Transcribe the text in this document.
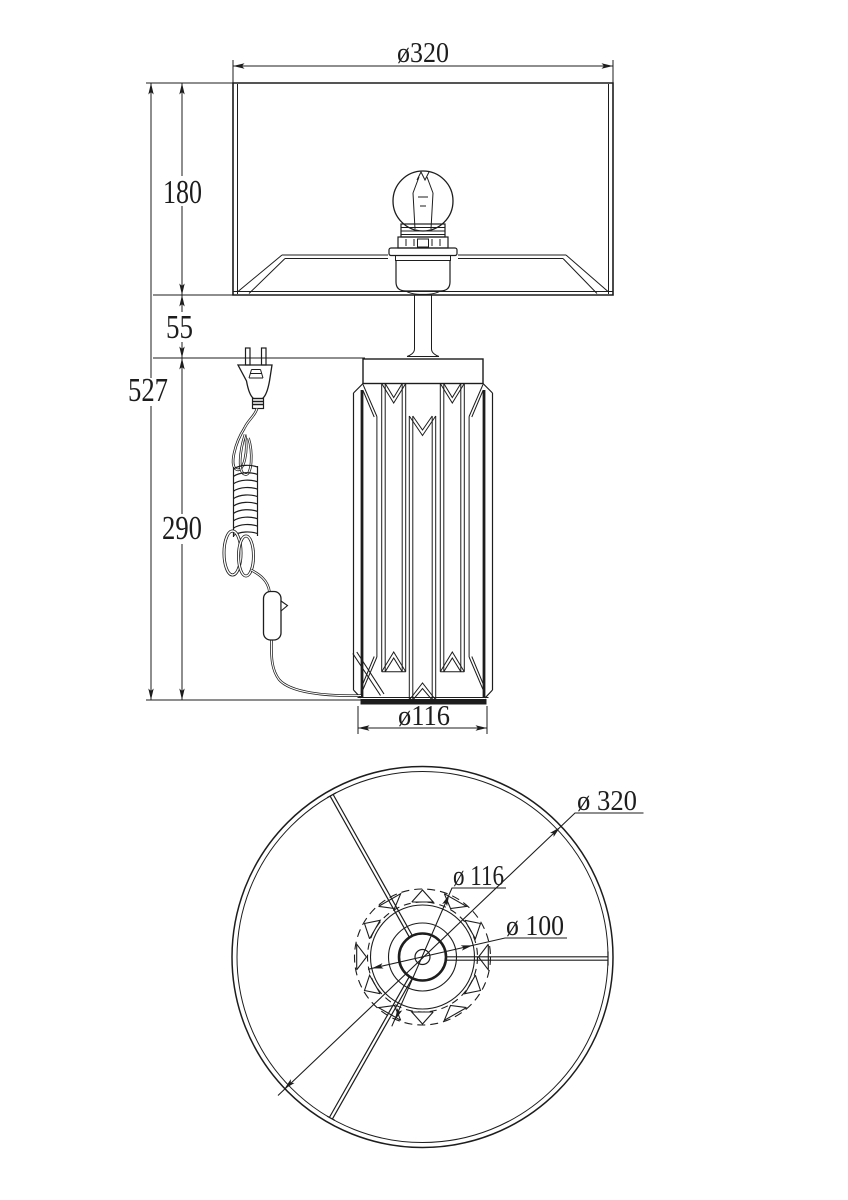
ø320
180
55
527
290
ø116
ø 320
ø 116
ø 100
